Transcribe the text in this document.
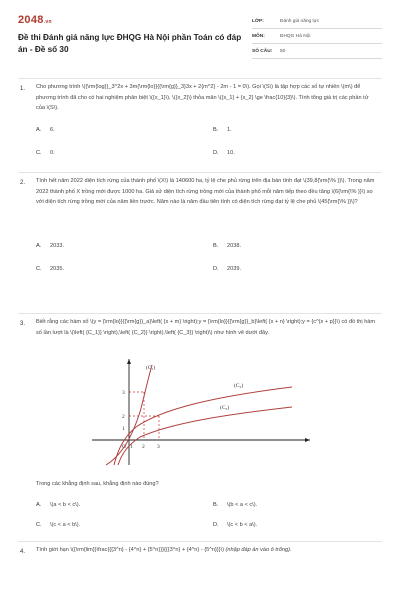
2048.vn
Đề thi Đánh giá năng lực ĐHQG Hà Nội phần Toán có đáp án - Đề số 30
LỚP:	Đánh giá năng lực
MÔN:	ĐHQG Hà Nội
SỐ CÂU:	50
1. Cho phương trình \({\rm{log}}_3^2x + 3m{\rm{lo}}{{\rm{g}}_3}3x + 2{m^2} - 2m - 1 = 0\). Gọi \(S\) là tập hợp các số tự nhiên \(m\) để phương trình đã cho có hai nghiệm phân biệt \({x_1}\), \({x_2}\) thỏa mãn \({x_1} + {x_2} \ge \frac{10}{3}\). Tính tổng giá trị các phần tử của \(S\).
A. 6.	B. 1.
C. 0.	D. 10.
2. Tính hết năm 2022 diện tích rừng của thành phố \(X\) là 140600 ha, tỷ lệ che phủ rừng trên địa bàn tính đạt \(39,8{\rm{\% }}\). Trong năm 2022 thành phố X trồng mới được 1000 ha. Giả sử diện tích rừng trồng mới của thành phố mỗi năm tiếp theo đều tăng \(6{\rm{\% }}\) so với diện tích rừng trồng mới của năm liền trước. Năm nào là năm đầu tiên tính có diện tích rừng đạt tỷ lệ che phủ \(45{\rm{\% }}\)?
A. 2033.	B. 2038.
C. 2035.	D. 2039.
3. Biết rằng các hàm số \(y = {\rm{lo}}{{\rm{g}}_a}\left( {x + m} \right);y = {\rm{lo}}{{\rm{g}}_b}\left( {x + n} \right);y = {c^{x + p}}\) có đồ thị hàm số lần lượt là \(\left( {C_1}} \right),\left( {C_2}} \right),\left( {C_3}} \right)\) như hình vẽ dưới đây.
Trong các khẳng định sau, khẳng định nào đúng?
A. \(a < b < c\).	B. \(b < a < c\).
C. \(c < a < b\).	D. \(c < b < a\).
(C₁)
(C₂)
(C₃)
O 1 2 3
3
2
1
4. Tính giới hạn \({\rm{lim}}\frac{{{3^n} - {4^n} + {5^n}}}{{{3^n} + {4^n} - {5^n}}}\) (nhập đáp án vào ô trống).
